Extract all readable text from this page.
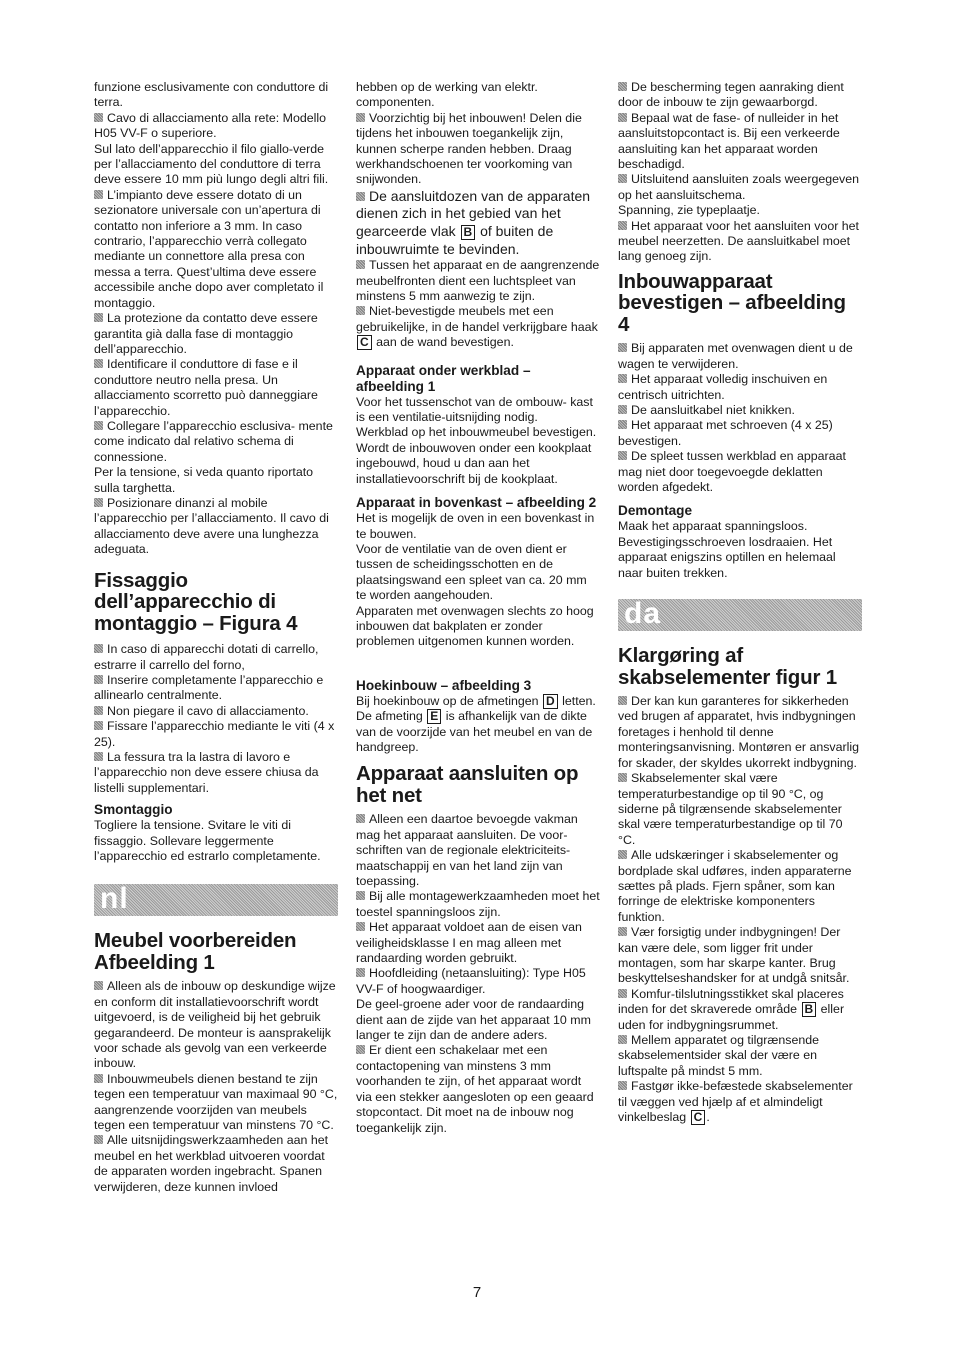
funzione esclusivamente con conduttore di terra.

Cavo di allacciamento alla rete: Modello H05 VV-F o superiore.

Sul lato dell’apparecchio il filo giallo-verde per l’allacciamento del conduttore di terra deve essere 10 mm più lungo degli altri fili.

L’impianto deve essere dotato di un sezionatore universale con un’apertura di contatto non inferiore a 3 mm. In caso contrario, l’apparecchio verrà collegato mediante un connettore alla presa con messa a terra. Quest’ultima deve essere accessibile anche dopo aver completato il montaggio.

La protezione da contatto deve essere garantita già dalla fase di montaggio dell’apparecchio.

Identificare il conduttore di fase e il conduttore neutro nella presa. Un allacciamento scorretto può danneggiare l’apparecchio.

Collegare l’apparecchio esclusiva- mente come indicato dal relativo schema di connessione.

Per la tensione, si veda quanto riportato sulla targhetta.

Posizionare dinanzi al mobile l’apparecchio per l’allacciamento. Il cavo di allacciamento deve avere una lunghezza adeguata.

Fissaggio dell’apparecchio di montaggio – Figura 4

In caso di apparecchi dotati di carrello, estrarre il carrello del forno,

Inserire completamente l’apparecchio e allinearlo centralmente.

Non piegare il cavo di allacciamento.

Fissare l’apparecchio mediante le viti (4 x 25).

La fessura tra la lastra di lavoro e l’apparecchio non deve essere chiusa da listelli supplementari.

Smontaggio

Togliere la tensione. Svitare le viti di fissaggio. Sollevare leggermente l’apparecchio ed estrarlo completamente.

nl
Meubel voorbereiden Afbeelding 1

Alleen als de inbouw op deskundige wijze en conform dit installatievoorschrift wordt uitgevoerd, is de veiligheid bij het gebruik gegarandeerd. De monteur is aansprakelijk voor schade als gevolg van een verkeerde inbouw.

Inbouwmeubels dienen bestand te zijn tegen een temperatuur van maximaal 90 °C, aangrenzende voorzijden van meubels tegen een temperatuur van minstens 70 °C.

Alle uitsnijdingswerkzaamheden aan het meubel en het werkblad uitvoeren voordat de apparaten worden ingebracht. Spanen verwijderen, deze kunnen invloed

hebben op de werking van elektr. componenten.

Voorzichtig bij het inbouwen! Delen die tijdens het inbouwen toegankelijk zijn, kunnen scherpe randen hebben. Draag werkhandschoenen ter voorkoming van snijwonden.

De aansluitdozen van de apparaten dienen zich in het gebied van het gearceerde vlak B of buiten de inbouwruimte te bevinden.

Tussen het apparaat en de aangrenzende meubelfronten dient een luchtspleet van minstens 5 mm aanwezig te zijn.

Niet-bevestigde meubels met een gebruikelijke, in de handel verkrijgbare haak C aan de wand bevestigen.

Apparaat onder werkblad – afbeelding 1

Voor het tussenschot van de ombouw- kast is een ventilatie-uitsnijding nodig.

Werkblad op het inbouwmeubel bevestigen.

Wordt de inbouwoven onder een kookplaat ingebouwd, houd u dan aan het installatievoorschrift bij de kookplaat.

Apparaat in bovenkast – afbeelding 2

Het is mogelijk de oven in een bovenkast in te bouwen.

Voor de ventilatie van de oven dient er tussen de scheidingsschotten en de plaatsingswand een spleet van ca. 20 mm te worden aangehouden.

Apparaten met ovenwagen slechts zo hoog inbouwen dat bakplaten er zonder problemen uitgenomen kunnen worden.

Hoekinbouw – afbeelding 3

Bij hoekinbouw op de afmetingen D letten. De afmeting E is afhankelijk van de dikte van de voorzijde van het meubel en van de handgreep.

Apparaat aansluiten op het net

Alleen een daartoe bevoegde vakman mag het apparaat aansluiten. De voor- schriften van de regionale elektriciteits- maatschappij en van het land zijn van toepassing.

Bij alle montagewerkzaamheden moet het toestel spanningsloos zijn.

Het apparaat voldoet aan de eisen van veiligheidsklasse I en mag alleen met randaarding worden gebruikt.

Hoofdleiding (netaansluiting): Type H05 VV-F of hoogwaardiger.

De geel-groene ader voor de randaarding dient aan de zijde van het apparaat 10 mm langer te zijn dan de andere aders.

Er dient een schakelaar met een contactopening van minstens 3 mm voorhanden te zijn, of het apparaat wordt via een stekker aangesloten op een geaard stopcontact. Dit moet na de inbouw nog toegankelijk zijn.

De bescherming tegen aanraking dient door de inbouw te zijn gewaarborgd.

Bepaal wat de fase- of nulleider in het aansluitstopcontact is. Bij een verkeerde aansluiting kan het apparaat worden beschadigd.

Uitsluitend aansluiten zoals weergegeven op het aansluitschema.

Spanning, zie typeplaatje.

Het apparaat voor het aansluiten voor het meubel neerzetten. De aansluitkabel moet lang genoeg zijn.

Inbouwapparaat bevestigen – afbeelding 4

Bij apparaten met ovenwagen dient u de wagen te verwijderen.

Het apparaat volledig inschuiven en centrisch uitrichten.

De aansluitkabel niet knikken.

Het apparaat met schroeven (4 x 25) bevestigen.

De spleet tussen werkblad en apparaat mag niet door toegevoegde deklatten worden afgedekt.

Demontage

Maak het apparaat spanningsloos. Bevestigingsschroeven losdraaien. Het apparaat enigszins optillen en helemaal naar buiten trekken.

da
Klargøring af skabselementer figur 1

Der kan kun garanteres for sikkerheden ved brugen af apparatet, hvis indbygningen foretages i henhold til denne monteringsanvisning. Montøren er ansvarlig for skader, der skyldes ukorrekt indbygning.

Skabselementer skal være temperaturbestandige op til 90 °C, og siderne på tilgrænsende skabselementer skal være temperaturbestandige op til 70 °C.

Alle udskæringer i skabselementer og bordplade skal udføres, inden apparaterne sættes på plads. Fjern spåner, som kan forringe de elektriske komponenters funktion.

Vær forsigtig under indbygningen! Der kan være dele, som ligger frit under montagen, som har skarpe kanter. Brug beskyttelseshandsker for at undgå snitsår.

Komfur-tilslutningsstikket skal placeres inden for det skraverede område B eller uden for indbygningsrummet.

Mellem apparatet og tilgrænsende skabselementsider skal der være en luftspalte på mindst 5 mm.

Fastgør ikke-befæstede skabselementer til væggen ved hjælp af et almindeligt vinkelbeslag C .

7
